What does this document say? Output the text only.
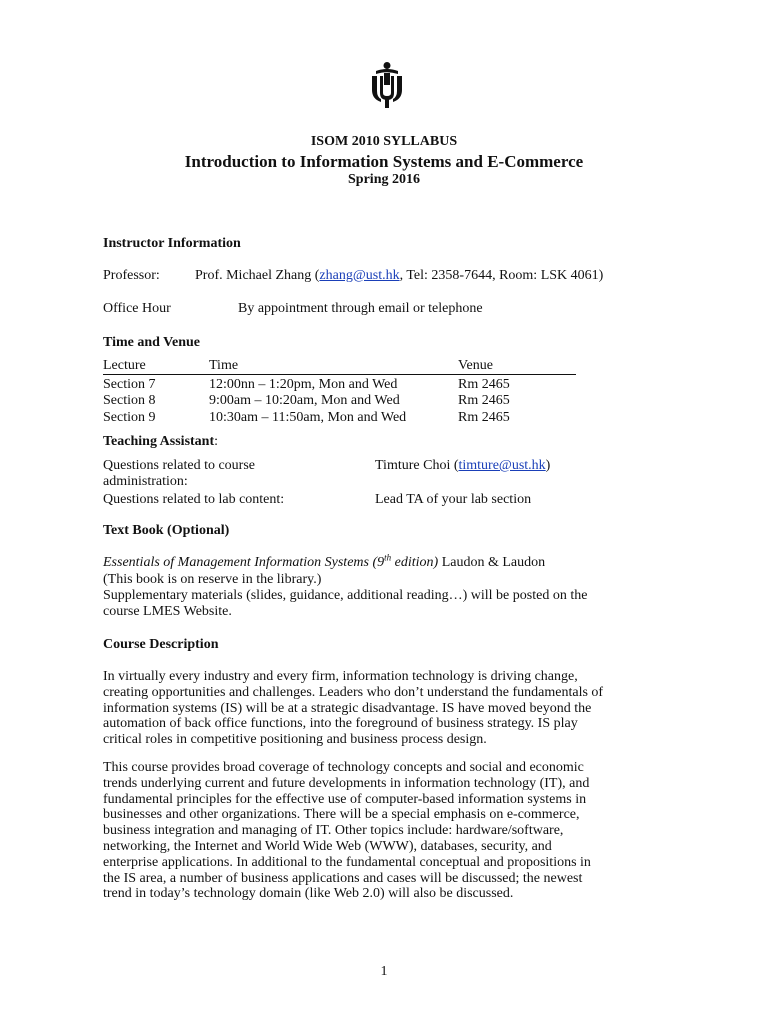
ISOM 2010 SYLLABUS
Introduction to Information Systems and E-Commerce
Spring 2016
Instructor Information
Professor:	Prof. Michael Zhang (zhang@ust.hk, Tel: 2358-7644, Room: LSK 4061)
Office Hour	By appointment through email or telephone
Time and Venue
Lecture	Time	Venue
Section 7	12:00nn – 1:20pm, Mon and Wed	Rm 2465
Section 8	9:00am – 10:20am, Mon and Wed	Rm 2465
Section 9	10:30am – 11:50am, Mon and Wed	Rm 2465
Teaching Assistant:
Questions related to course
administration:
Timture Choi (timture@ust.hk)
Questions related to lab content:	Lead TA of your lab section
Text Book (Optional)
Essentials of Management Information Systems (9th edition) Laudon & Laudon
(This book is on reserve in the library.)
Supplementary materials (slides, guidance, additional reading…) will be posted on the
course LMES Website.
Course Description
In virtually every industry and every firm, information technology is driving change,
creating opportunities and challenges. Leaders who don’t understand the fundamentals of
information systems (IS) will be at a strategic disadvantage. IS have moved beyond the
automation of back office functions, into the foreground of business strategy. IS play
critical roles in competitive positioning and business process design.
This course provides broad coverage of technology concepts and social and economic
trends underlying current and future developments in information technology (IT), and
fundamental principles for the effective use of computer-based information systems in
businesses and other organizations. There will be a special emphasis on e-commerce,
business integration and managing of IT. Other topics include: hardware/software,
networking, the Internet and World Wide Web (WWW), databases, security, and
enterprise applications. In additional to the fundamental conceptual and propositions in
the IS area, a number of business applications and cases will be discussed; the newest
trend in today’s technology domain (like Web 2.0) will also be discussed.
1
